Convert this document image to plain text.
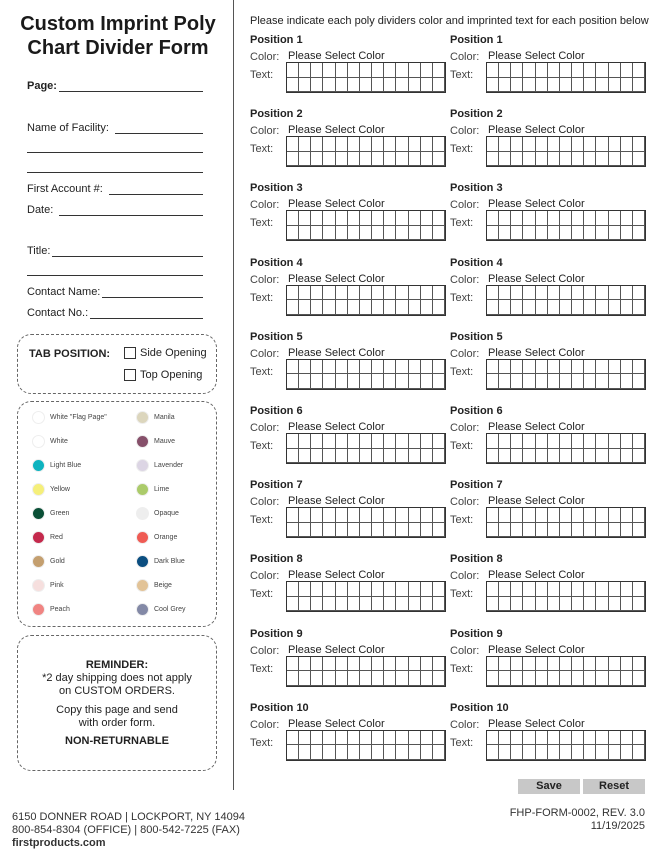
Custom Imprint Poly
Chart Divider Form
Page:
Name of Facility:
First Account #:
Date:
Title:
Contact Name:
Contact No.:
TAB POSITION:	Side Opening
Top Opening
White "Flag Page"	Manila
White	Mauve
Light Blue	Lavender
Yellow	Lime
Green	Opaque
Red	Orange
Gold	Dark Blue
Pink	Beige
Peach	Cool Grey
REMINDER:
*2 day shipping does not apply
on CUSTOM ORDERS.
Copy this page and send
with order form.
NON-RETURNABLE
Please indicate each poly dividers color and imprinted text for each position below
Position 1
Color: Please Select Color
Text:
Position 2
Color: Please Select Color
Text:
Position 3
Color: Please Select Color
Text:
Position 4
Color: Please Select Color
Text:
Position 5
Color: Please Select Color
Text:
Position 6
Color: Please Select Color
Text:
Position 7
Color: Please Select Color
Text:
Position 8
Color: Please Select Color
Text:
Position 9
Color: Please Select Color
Text:
Position 10
Color: Please Select Color
Text:
Position 1
Color: Please Select Color
Text:
Position 2
Color: Please Select Color
Text:
Position 3
Color: Please Select Color
Text:
Position 4
Color: Please Select Color
Text:
Position 5
Color: Please Select Color
Text:
Position 6
Color: Please Select Color
Text:
Position 7
Color: Please Select Color
Text:
Position 8
Color: Please Select Color
Text:
Position 9
Color: Please Select Color
Text:
Position 10
Color: Please Select Color
Text:
Save	Reset
6150 DONNER ROAD | LOCKPORT, NY 14094
800-854-8304 (OFFICE) | 800-542-7225 (FAX)
firstproducts.com
FHP-FORM-0002, REV. 3.0
11/19/2025
